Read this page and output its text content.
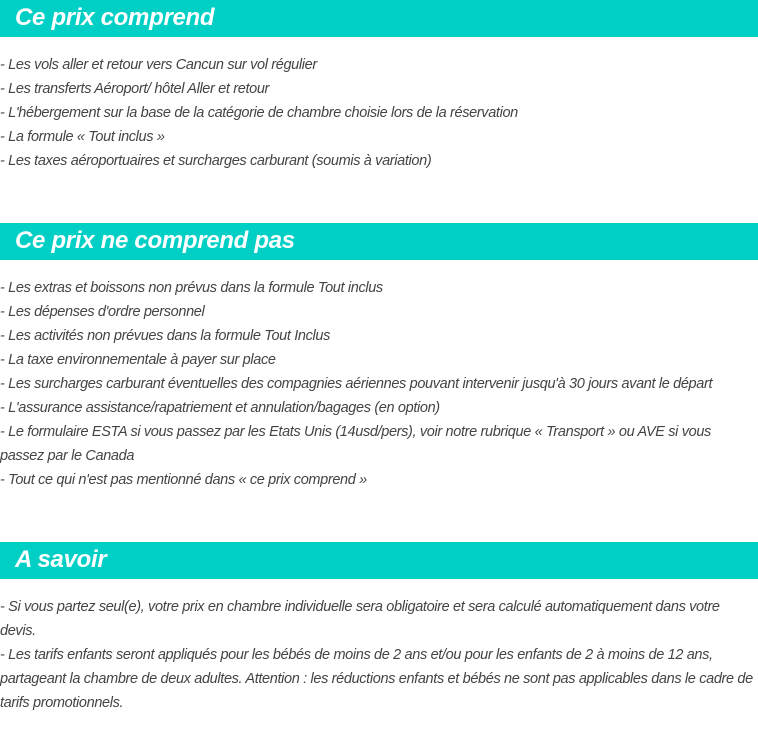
Ce prix comprend

- Les vols aller et retour vers Cancun sur vol régulier

- Les transferts Aéroport/ hôtel Aller et retour

- L'hébergement sur la base de la catégorie de chambre choisie lors de la réservation

- La formule « Tout inclus »

- Les taxes aéroportuaires et surcharges carburant (soumis à variation)

Ce prix ne comprend pas

- Les extras et boissons non prévus dans la formule Tout inclus

- Les dépenses d'ordre personnel

- Les activités non prévues dans la formule Tout Inclus

- La taxe environnementale à payer sur place

- Les surcharges carburant éventuelles des compagnies aériennes pouvant intervenir jusqu'à 30 jours avant le départ

- L'assurance assistance/rapatriement et annulation/bagages (en option)

- Le formulaire ESTA si vous passez par les Etats Unis (14usd/pers), voir notre rubrique « Transport » ou AVE si vous passez par le Canada

- Tout ce qui n'est pas mentionné dans « ce prix comprend »

A savoir

- Si vous partez seul(e), votre prix en chambre individuelle sera obligatoire et sera calculé automatiquement dans votre devis.

- Les tarifs enfants seront appliqués pour les bébés de moins de 2 ans et/ou pour les enfants de 2 à moins de 12 ans, partageant la chambre de deux adultes. Attention : les réductions enfants et bébés ne sont pas applicables dans le cadre de tarifs promotionnels.
